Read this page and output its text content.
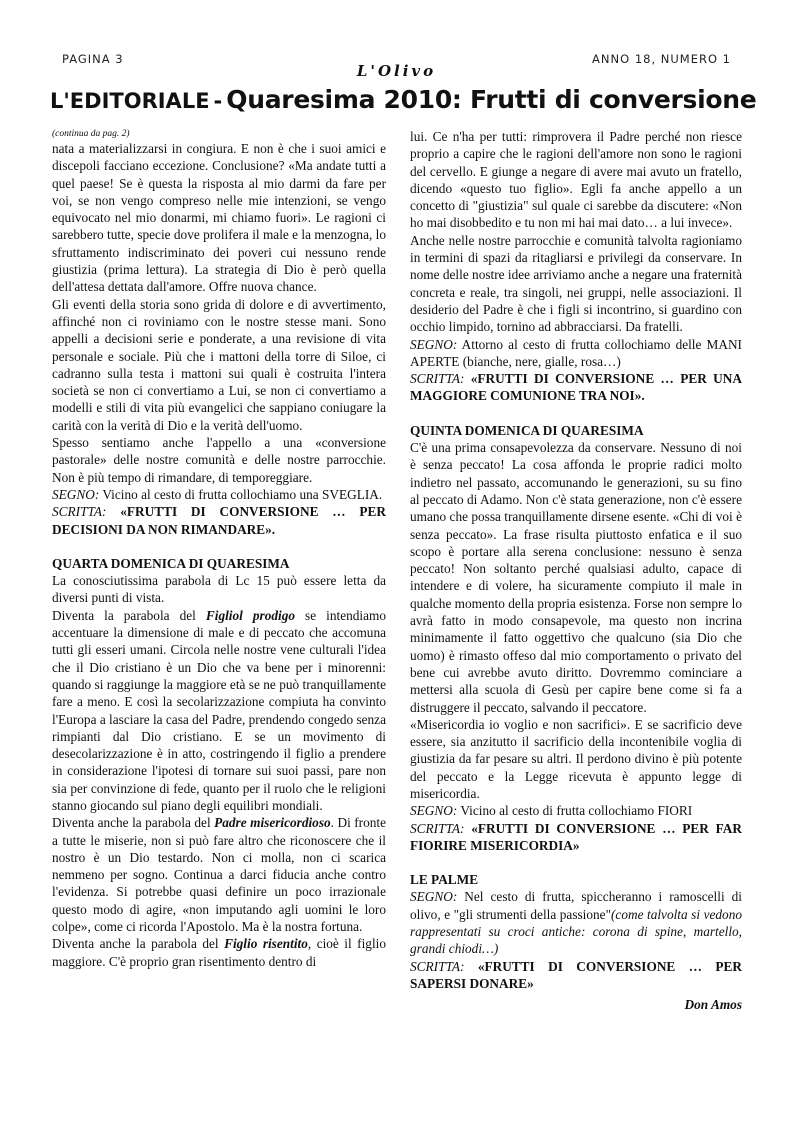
PAGINA 3
L'Olivo
ANNO 18, NUMERO 1
L'EDITORIALE - Quaresima 2010: Frutti di conversione

(continua da pag. 2)

nata a materializzarsi in congiura. E non è che i suoi amici e discepoli facciano eccezione. Conclusione? «Ma andate tutti a quel paese! Se è questa la risposta al mio darmi da fare per voi, se non vengo compreso nelle mie intenzioni, se vengo equivocato nel mio donarmi, mi chiamo fuori». Le ragioni ci sarebbero tutte, specie dove prolifera il male e la menzogna, lo sfruttamento indiscriminato dei poveri cui nessuno rende giustizia (prima lettura). La strategia di Dio è però quella dell'attesa dettata dall'amore. Offre nuova chance.

Gli eventi della storia sono grida di dolore e di avvertimento, affinché non ci roviniamo con le nostre stesse mani. Sono appelli a decisioni serie e ponderate, a una revisione di vita personale e sociale. Più che i mattoni della torre di Siloe, ci cadranno sulla testa i mattoni sui quali è costruita l'intera società se non ci convertiamo a Lui, se non ci convertiamo a modelli e stili di vita più evangelici che sappiano coniugare la carità con la verità di Dio e la verità dell'uomo.

Spesso sentiamo anche l'appello a una «conversione pastorale» delle nostre comunità e delle nostre parrocchie. Non è più tempo di rimandare, di temporeggiare.

SEGNO: Vicino al cesto di frutta collochiamo una SVEGLIA.

SCRITTA: «FRUTTI DI CONVERSIONE … PER DECISIONI DA NON RIMANDARE».

QUARTA DOMENICA DI QUARESIMA

La conosciutissima parabola di Lc 15 può essere letta da diversi punti di vista.

Diventa la parabola del Figliol prodigo se intendiamo accentuare la dimensione di male e di peccato che accomuna tutti gli esseri umani. Circola nelle nostre vene culturali l'idea che il Dio cristiano è un Dio che va bene per i minorenni: quando si raggiunge la maggiore età se ne può tranquillamente fare a meno. E così la secolarizzazione compiuta ha convinto l'Europa a lasciare la casa del Padre, prendendo congedo senza rimpianti dal Dio cristiano. E se un movimento di desecolarizzazione è in atto, costringendo il figlio a prendere in considerazione l'ipotesi di tornare sui suoi passi, pare non sia per convinzione di fede, quanto per il ruolo che le religioni stanno giocando sul piano degli equilibri mondiali.

Diventa anche la parabola del Padre misericordioso. Di fronte a tutte le miserie, non si può fare altro che riconoscere che il nostro è un Dio testardo. Non ci molla, non ci scarica nemmeno per sogno. Continua a darci fiducia anche contro l'evidenza. Si potrebbe quasi definire un poco irrazionale questo modo di agire, «non imputando agli uomini le loro colpe», come ci ricorda l'Apostolo. Ma è la nostra fortuna.

Diventa anche la parabola del Figlio risentito, cioè il figlio maggiore. C'è proprio gran risentimento dentro di

lui. Ce n'ha per tutti: rimprovera il Padre perché non riesce proprio a capire che le ragioni dell'amore non sono le ragioni del cervello. E giunge a negare di avere mai avuto un fratello, dicendo «questo tuo figlio». Egli fa anche appello a un concetto di "giustizia" sul quale ci sarebbe da discutere: «Non ho mai disobbedito e tu non mi hai mai dato… a lui invece».

Anche nelle nostre parrocchie e comunità talvolta ragioniamo in termini di spazi da ritagliarsi e privilegi da conservare. In nome delle nostre idee arriviamo anche a negare una fraternità concreta e reale, tra singoli, nei gruppi, nelle associazioni. Il desiderio del Padre è che i figli si incontrino, si guardino con occhio limpido, tornino ad abbracciarsi. Da fratelli.

SEGNO: Attorno al cesto di frutta collochiamo delle MANI APERTE (bianche, nere, gialle, rosa…)

SCRITTA: «FRUTTI DI CONVERSIONE … PER UNA MAGGIORE COMUNIONE TRA NOI».

QUINTA DOMENICA DI QUARESIMA

C'è una prima consapevolezza da conservare. Nessuno di noi è senza peccato! La cosa affonda le proprie radici molto indietro nel passato, accomunando le generazioni, su su fino al peccato di Adamo. Non c'è stata generazione, non c'è essere umano che possa tranquillamente dirsene esente. «Chi di voi è senza peccato». La frase risulta piuttosto enfatica e il suo scopo è portare alla serena conclusione: nessuno è senza peccato! Non soltanto perché qualsiasi adulto, capace di intendere e di volere, ha sicuramente compiuto il male in qualche momento della propria esistenza. Forse non sempre lo avrà fatto in modo consapevole, ma questo non incrina minimamente il fatto oggettivo che qualcuno (sia Dio che uomo) è rimasto offeso dal mio comportamento o privato del bene cui avrebbe avuto diritto. Dovremmo cominciare a mettersi alla scuola di Gesù per capire bene come si fa a distruggere il peccato, salvando il peccatore.

«Misericordia io voglio e non sacrifici». E se sacrificio deve essere, sia anzitutto il sacrificio della incontenibile voglia di giustizia da far pesare su altri. Il perdono divino è più potente del peccato e la Legge ricevuta è appunto legge di misericordia.

SEGNO: Vicino al cesto di frutta collochiamo FIORI

SCRITTA: «FRUTTI DI CONVERSIONE … PER FAR FIORIRE MISERICORDIA»

LE PALME

SEGNO: Nel cesto di frutta, spiccheranno i ramoscelli di olivo, e "gli strumenti della passione"(come talvolta si vedono rappresentati su croci antiche: corona di spine, martello, grandi chiodi…)

SCRITTA: «FRUTTI DI CONVERSIONE … PER SAPERSI DONARE»

Don Amos
